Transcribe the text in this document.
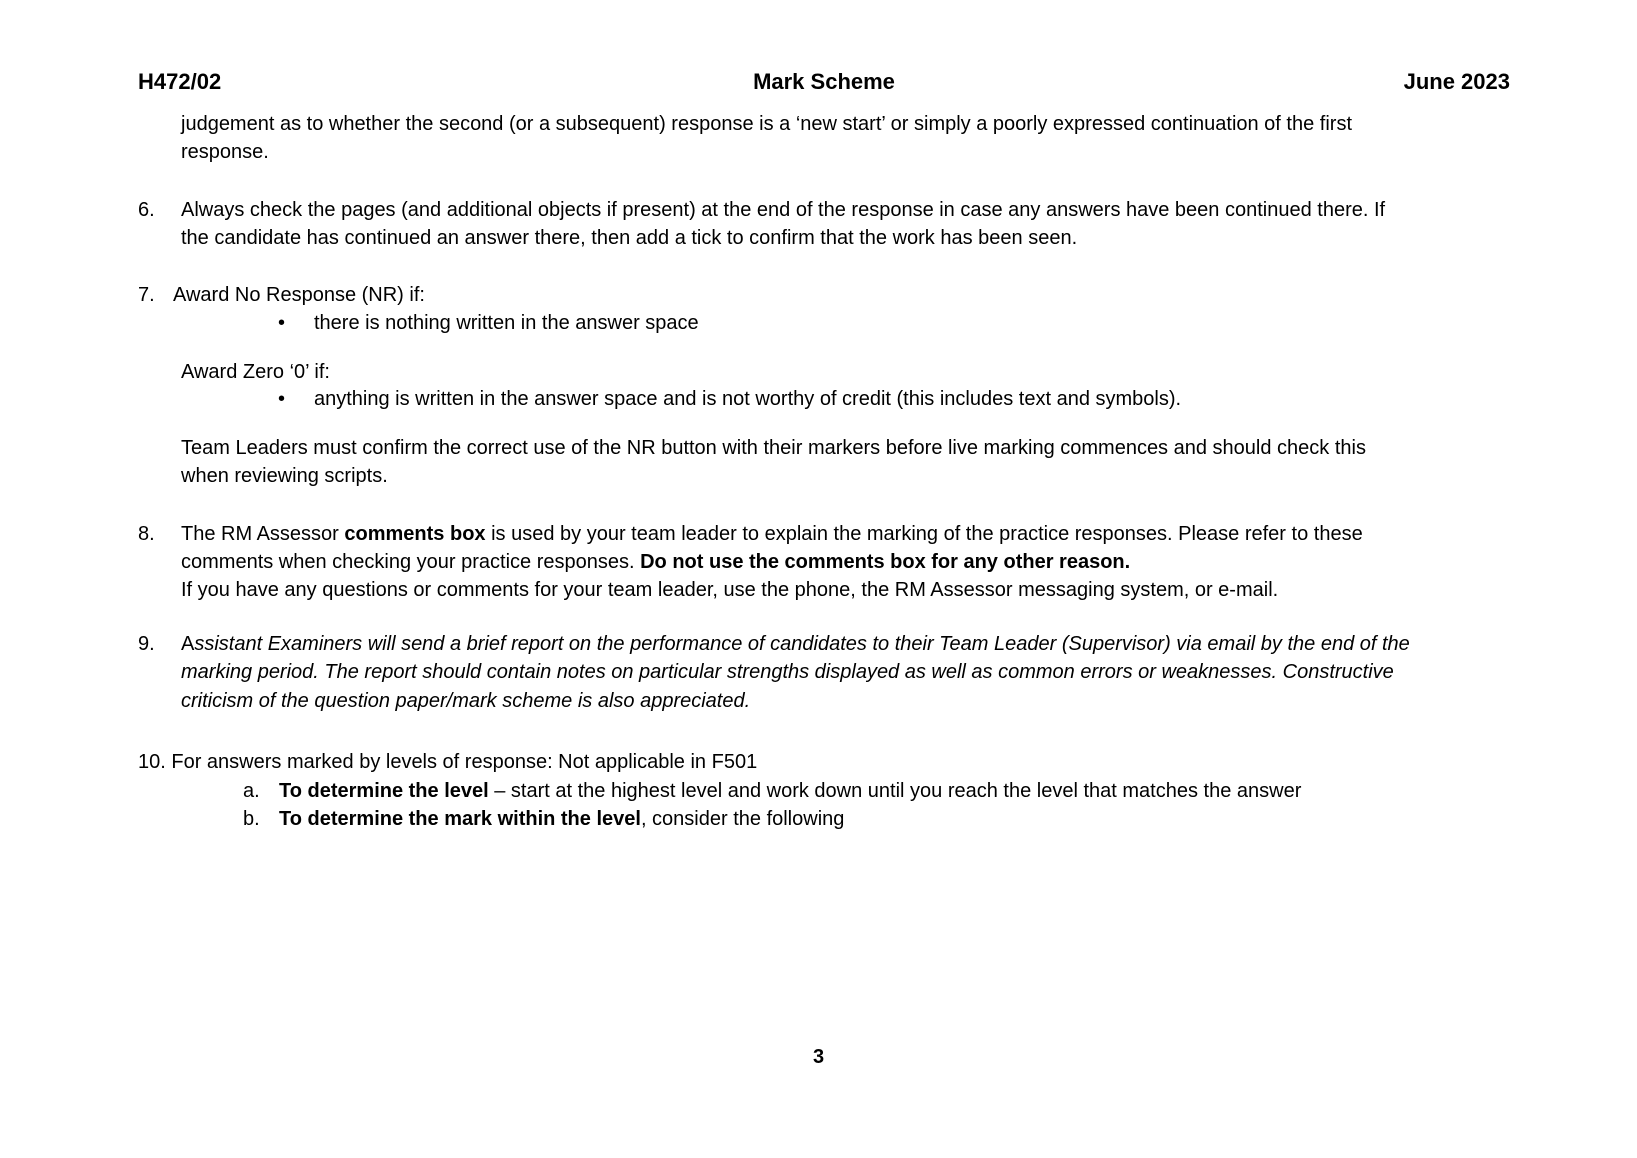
H472/02	Mark Scheme	June 2023
judgement as to whether the second (or a subsequent) response is a ‘new start’ or simply a poorly expressed continuation of the first
response.
6. Always check the pages (and additional objects if present) at the end of the response in case any answers have been continued there. If
the candidate has continued an answer there, then add a tick to confirm that the work has been seen.
7. Award No Response (NR) if:
• there is nothing written in the answer space
Award Zero ‘0’ if:
• anything is written in the answer space and is not worthy of credit (this includes text and symbols).
Team Leaders must confirm the correct use of the NR button with their markers before live marking commences and should check this
when reviewing scripts.
8. The RM Assessor comments box is used by your team leader to explain the marking of the practice responses. Please refer to these
comments when checking your practice responses. Do not use the comments box for any other reason.
If you have any questions or comments for your team leader, use the phone, the RM Assessor messaging system, or e-mail.
9. Assistant Examiners will send a brief report on the performance of candidates to their Team Leader (Supervisor) via email by the end of the
marking period. The report should contain notes on particular strengths displayed as well as common errors or weaknesses. Constructive
criticism of the question paper/mark scheme is also appreciated.
10. For answers marked by levels of response: Not applicable in F501
a. To determine the level – start at the highest level and work down until you reach the level that matches the answer
b. To determine the mark within the level, consider the following
3
